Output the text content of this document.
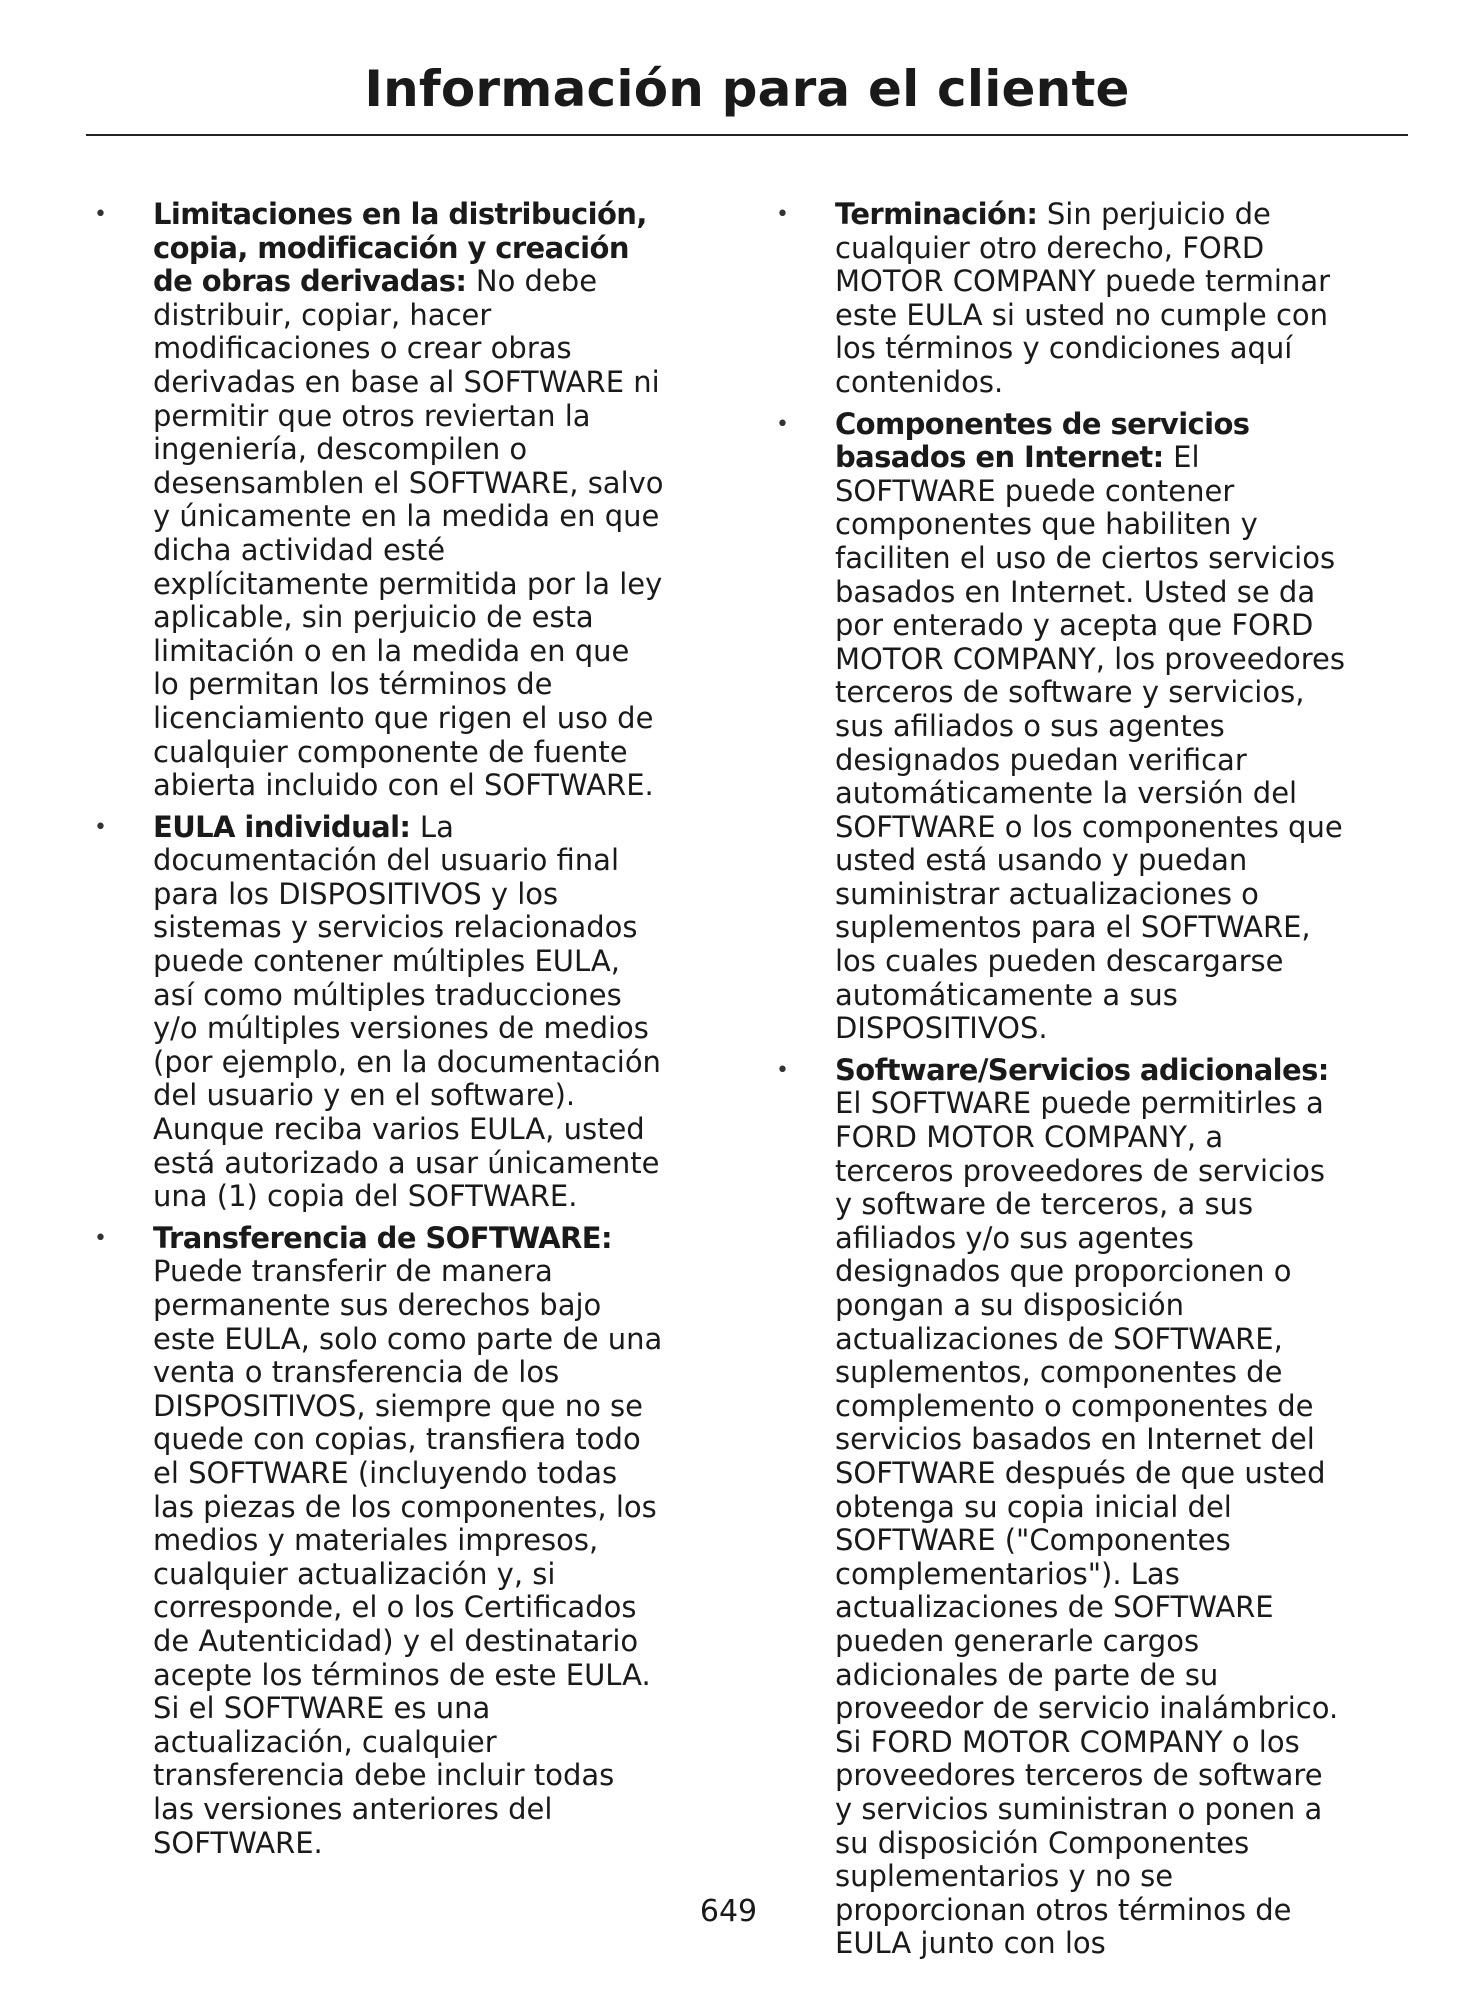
Información para el cliente
• Limitaciones en la distribución, copia, modificación y creación de obras derivadas: No debe distribuir, copiar, hacer modificaciones o crear obras derivadas en base al SOFTWARE ni permitir que otros reviertan la ingeniería, descompilen o desensamblen el SOFTWARE, salvo y únicamente en la medida en que dicha actividad esté explícitamente permitida por la ley aplicable, sin perjuicio de esta limitación o en la medida en que lo permitan los términos de licenciamiento que rigen el uso de cualquier componente de fuente abierta incluido con el SOFTWARE.
• EULA individual: La documentación del usuario final para los DISPOSITIVOS y los sistemas y servicios relacionados puede contener múltiples EULA, así como múltiples traducciones y/o múltiples versiones de medios (por ejemplo, en la documentación del usuario y en el software). Aunque reciba varios EULA, usted está autorizado a usar únicamente una (1) copia del SOFTWARE.
• Transferencia de SOFTWARE: Puede transferir de manera permanente sus derechos bajo este EULA, solo como parte de una venta o transferencia de los DISPOSITIVOS, siempre que no se quede con copias, transfiera todo el SOFTWARE (incluyendo todas las piezas de los componentes, los medios y materiales impresos, cualquier actualización y, si corresponde, el o los Certificados de Autenticidad) y el destinatario acepte los términos de este EULA. Si el SOFTWARE es una actualización, cualquier transferencia debe incluir todas las versiones anteriores del SOFTWARE.
• Terminación: Sin perjuicio de cualquier otro derecho, FORD MOTOR COMPANY puede terminar este EULA si usted no cumple con los términos y condiciones aquí contenidos.
• Componentes de servicios basados en Internet: El SOFTWARE puede contener componentes que habiliten y faciliten el uso de ciertos servicios basados en Internet. Usted se da por enterado y acepta que FORD MOTOR COMPANY, los proveedores terceros de software y servicios, sus afiliados o sus agentes designados puedan verificar automáticamente la versión del SOFTWARE o los componentes que usted está usando y puedan suministrar actualizaciones o suplementos para el SOFTWARE, los cuales pueden descargarse automáticamente a sus DISPOSITIVOS.
• Software/Servicios adicionales: El SOFTWARE puede permitirles a FORD MOTOR COMPANY, a terceros proveedores de servicios y software de terceros, a sus afiliados y/o sus agentes designados que proporcionen o pongan a su disposición actualizaciones de SOFTWARE, suplementos, componentes de complemento o componentes de servicios basados en Internet del SOFTWARE después de que usted obtenga su copia inicial del SOFTWARE ("Componentes complementarios"). Las actualizaciones de SOFTWARE pueden generarle cargos adicionales de parte de su proveedor de servicio inalámbrico. Si FORD MOTOR COMPANY o los proveedores terceros de software y servicios suministran o ponen a su disposición Componentes suplementarios y no se proporcionan otros términos de EULA junto con los
649
